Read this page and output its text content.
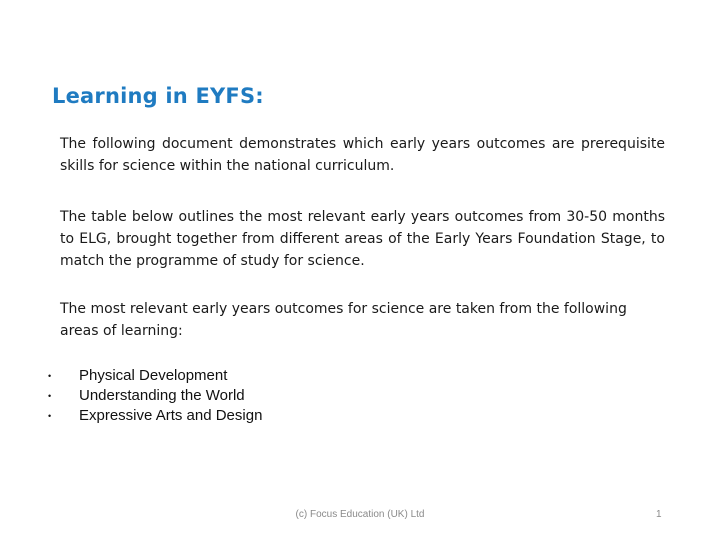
Learning in EYFS:
The following document demonstrates which early years outcomes are prerequisite skills for science within the national curriculum.
The table below outlines the most relevant early years outcomes from 30-50 months to ELG, brought together from different areas of the Early Years Foundation Stage, to match the programme of study for science.
The most relevant early years outcomes for science are taken from the following areas of learning:
•	Physical Development
•	Understanding the World
•	Expressive Arts and Design
(c) Focus Education (UK) Ltd	1
